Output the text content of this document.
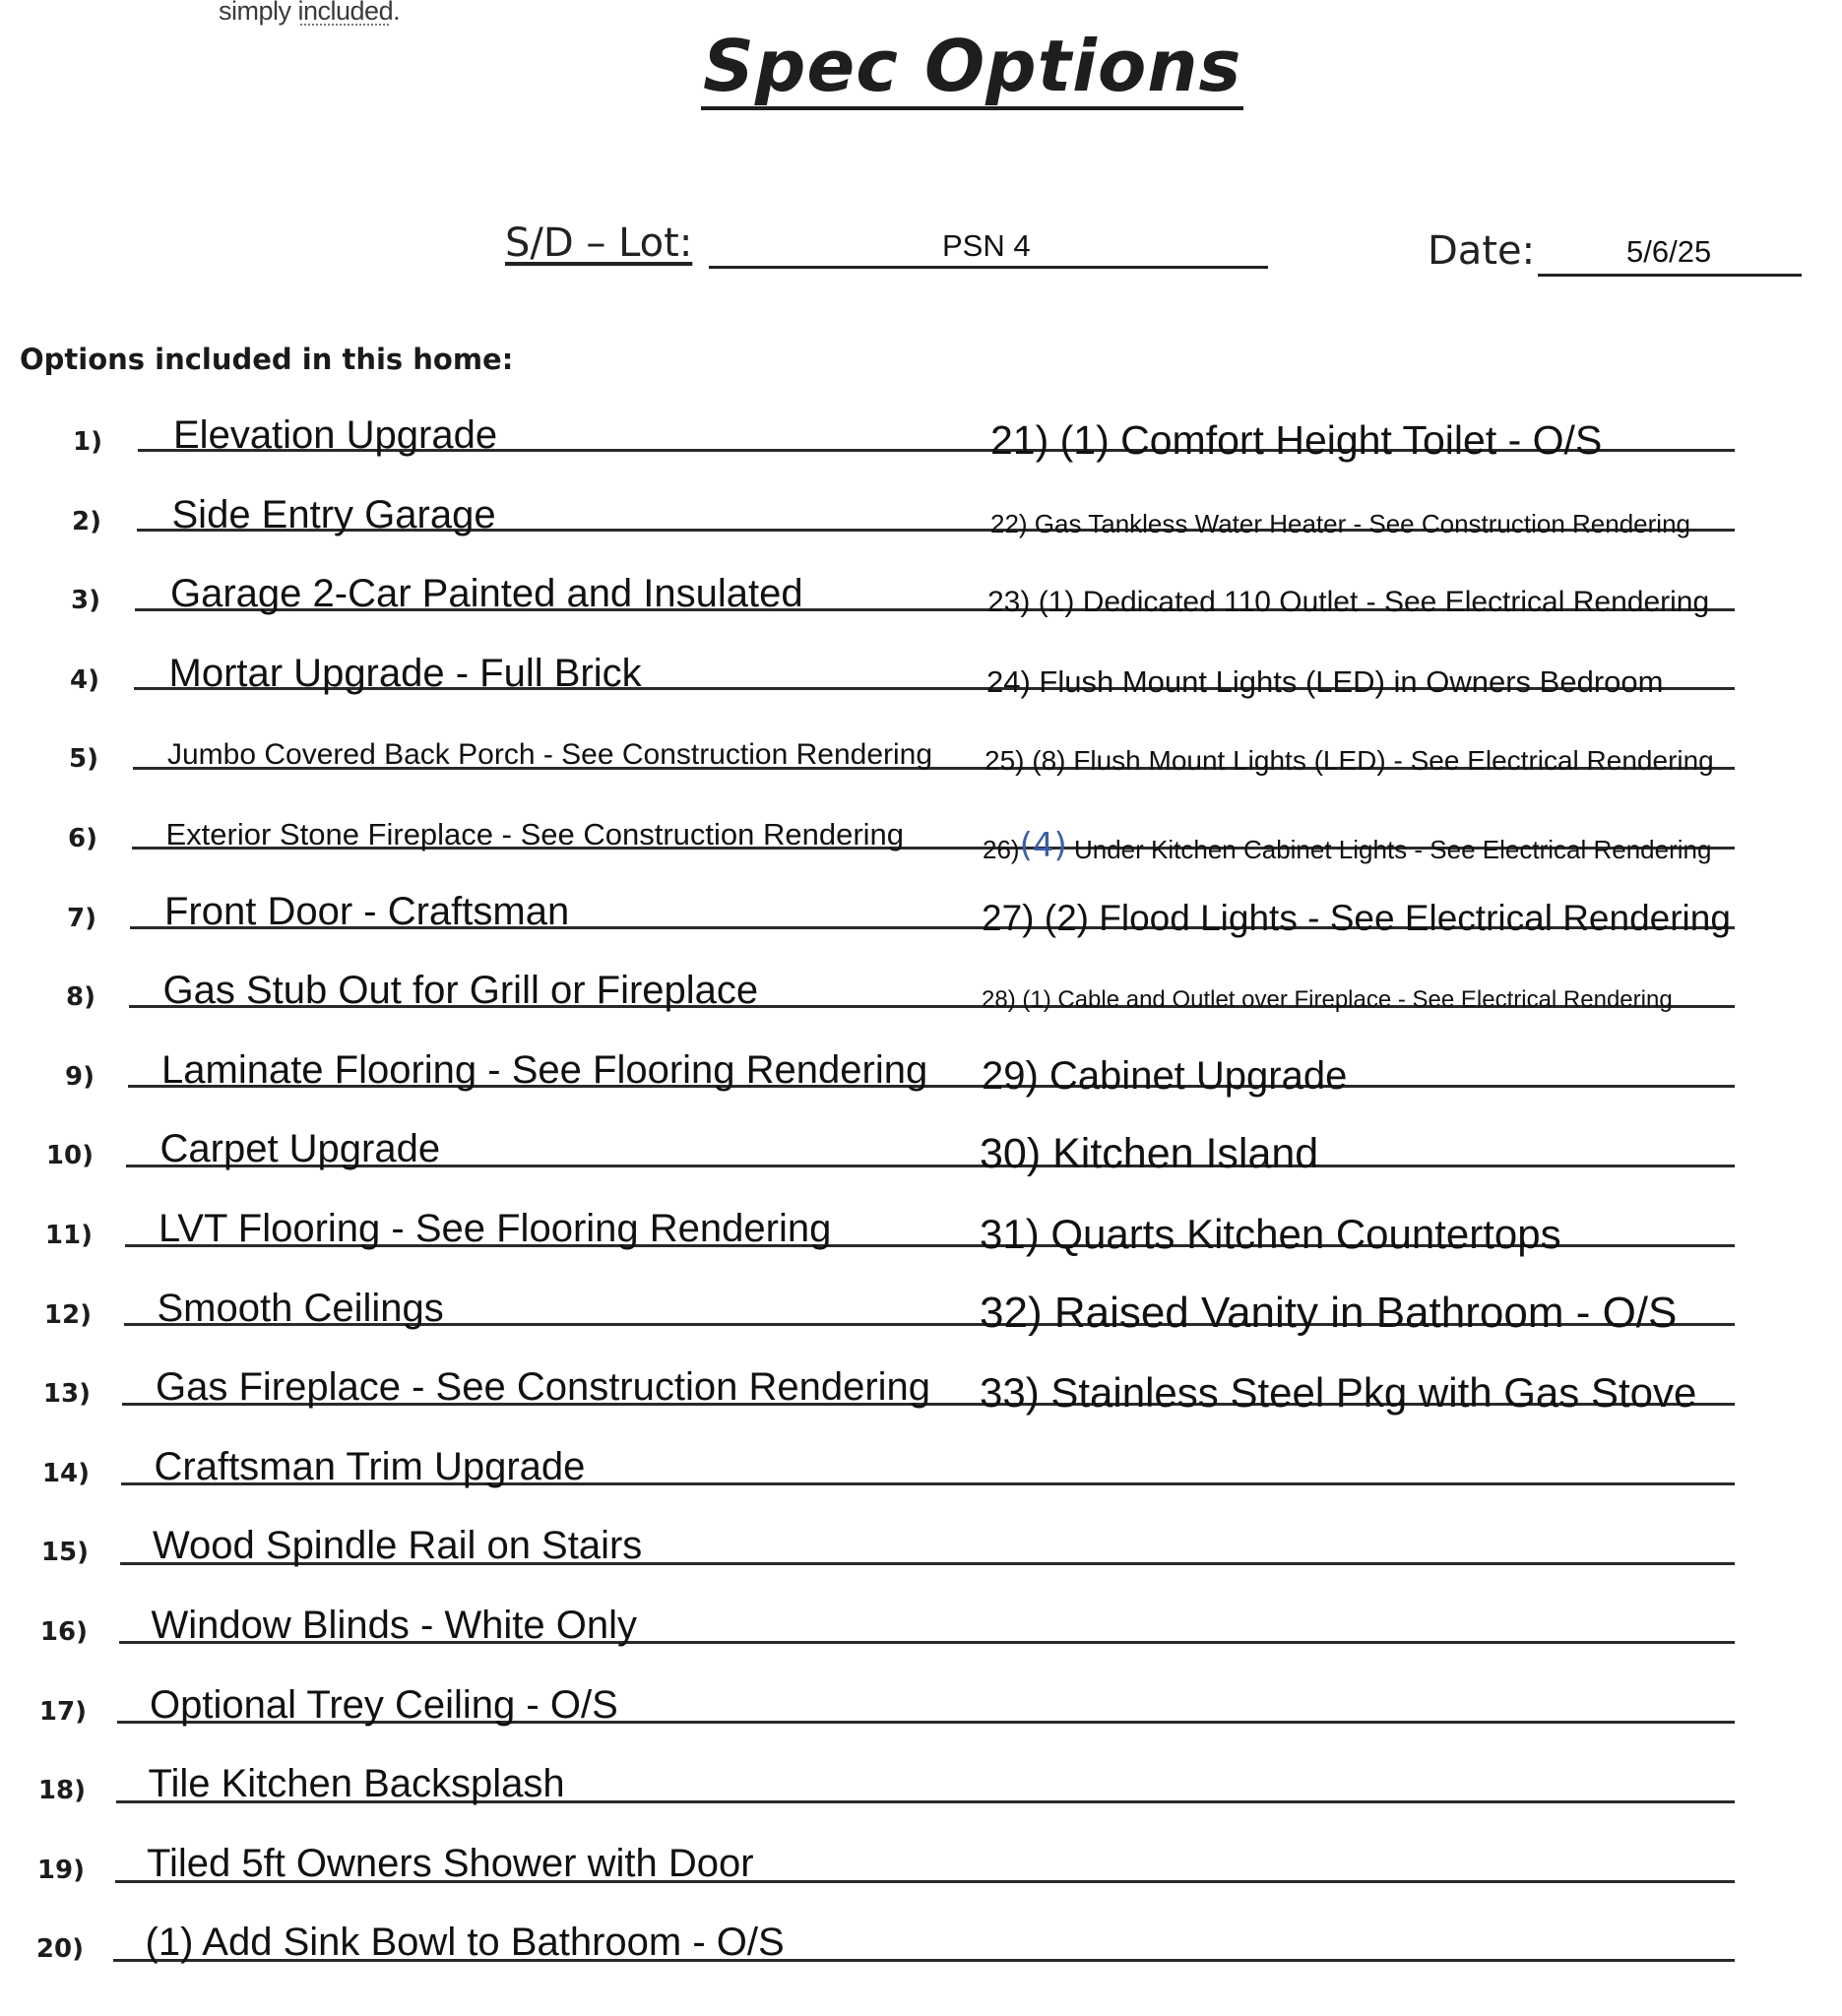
simply included.
Spec Options
S/D – Lot:	PSN 4	Date:	5/6/25
Options included in this home:
1) Elevation Upgrade
2) Side Entry Garage
3) Garage 2-Car Painted and Insulated
4) Mortar Upgrade - Full Brick
5) Jumbo Covered Back Porch - See Construction Rendering
6) Exterior Stone Fireplace - See Construction Rendering
7) Front Door - Craftsman
8) Gas Stub Out for Grill or Fireplace
9) Laminate Flooring - See Flooring Rendering
10) Carpet Upgrade
11) LVT Flooring - See Flooring Rendering
12) Smooth Ceilings
13) Gas Fireplace - See Construction Rendering
14) Craftsman Trim Upgrade
15) Wood Spindle Rail on Stairs
16) Window Blinds - White Only
17) Optional Trey Ceiling - O/S
18) Tile Kitchen Backsplash
19) Tiled 5ft Owners Shower with Door
20) (1) Add Sink Bowl to Bathroom - O/S
21) (1) Comfort Height Toilet - O/S
22) Gas Tankless Water Heater - See Construction Rendering
23) (1) Dedicated 110 Outlet - See Electrical Rendering
24) Flush Mount Lights (LED) in Owners Bedroom
25) (8) Flush Mount Lights (LED) - See Electrical Rendering
26)(4) Under Kitchen Cabinet Lights - See Electrical Rendering
27) (2) Flood Lights - See Electrical Rendering
28) (1) Cable and Outlet over Fireplace - See Electrical Rendering
29) Cabinet Upgrade
30) Kitchen Island
31) Quarts Kitchen Countertops
32) Raised Vanity in Bathroom - O/S
33) Stainless Steel Pkg with Gas Stove
